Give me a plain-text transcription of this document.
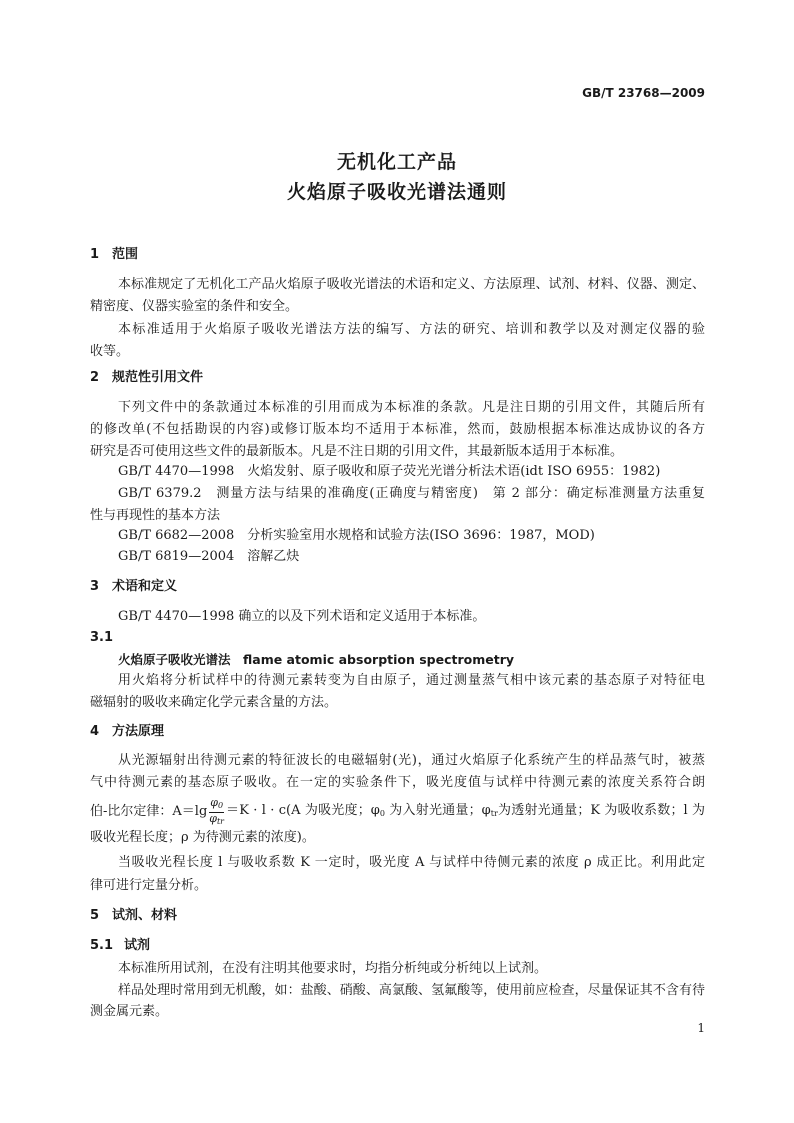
GB/T 23768—2009
无机化工产品
火焰原子吸收光谱法通则
1 范围
本标准规定了无机化工产品火焰原子吸收光谱法的术语和定义、方法原理、试剂、材料、仪器、测定、
精密度、仪器实验室的条件和安全。
本标准适用于火焰原子吸收光谱法方法的编写、方法的研究、培训和教学以及对测定仪器的验
收等。
2 规范性引用文件
下列文件中的条款通过本标准的引用而成为本标准的条款。凡是注日期的引用文件，其随后所有
的修改单(不包括勘误的内容)或修订版本均不适用于本标准，然而，鼓励根据本标准达成协议的各方
研究是否可使用这些文件的最新版本。凡是不注日期的引用文件，其最新版本适用于本标准。
GB/T 4470—1998　火焰发射、原子吸收和原子荧光光谱分析法术语(idt ISO 6955：1982)
GB/T 6379.2　测量方法与结果的准确度(正确度与精密度)　第 2 部分：确定标准测量方法重复
性与再现性的基本方法
GB/T 6682—2008　分析实验室用水规格和试验方法(ISO 3696：1987，MOD)
GB/T 6819—2004　溶解乙炔
3 术语和定义
GB/T 4470—1998 确立的以及下列术语和定义适用于本标准。
3.1
火焰原子吸收光谱法　flame atomic absorption spectrometry
用火焰将分析试样中的待测元素转变为自由原子，通过测量蒸气相中该元素的基态原子对特征电
磁辐射的吸收来确定化学元素含量的方法。
4 方法原理
从光源辐射出待测元素的特征波长的电磁辐射(光)，通过火焰原子化系统产生的样品蒸气时，被蒸
气中待测元素的基态原子吸收。在一定的实验条件下，吸光度值与试样中待测元素的浓度关系符合朗
伯-比尔定律：$A=\lg \frac{\varphi_0}{\varphi_{tr}} =K \cdot l \cdot c(A$ 为吸光度；$\varphi_0$ 为入射光通量；$\varphi_{tr}$为透射光通量；K 为吸收系数；l 为
吸收光程长度；ρ 为待测元素的浓度)。
当吸收光程长度 l 与吸收系数 K 一定时，吸光度 A 与试样中待侧元素的浓度 ρ 成正比。利用此定
律可进行定量分析。
5 试剂、材料
5.1 试剂
本标准所用试剂，在没有注明其他要求时，均指分析纯或分析纯以上试剂。
样品处理时常用到无机酸，如：盐酸、硝酸、高氯酸、氢氟酸等，使用前应检查，尽量保证其不含有待
测金属元素。
1
